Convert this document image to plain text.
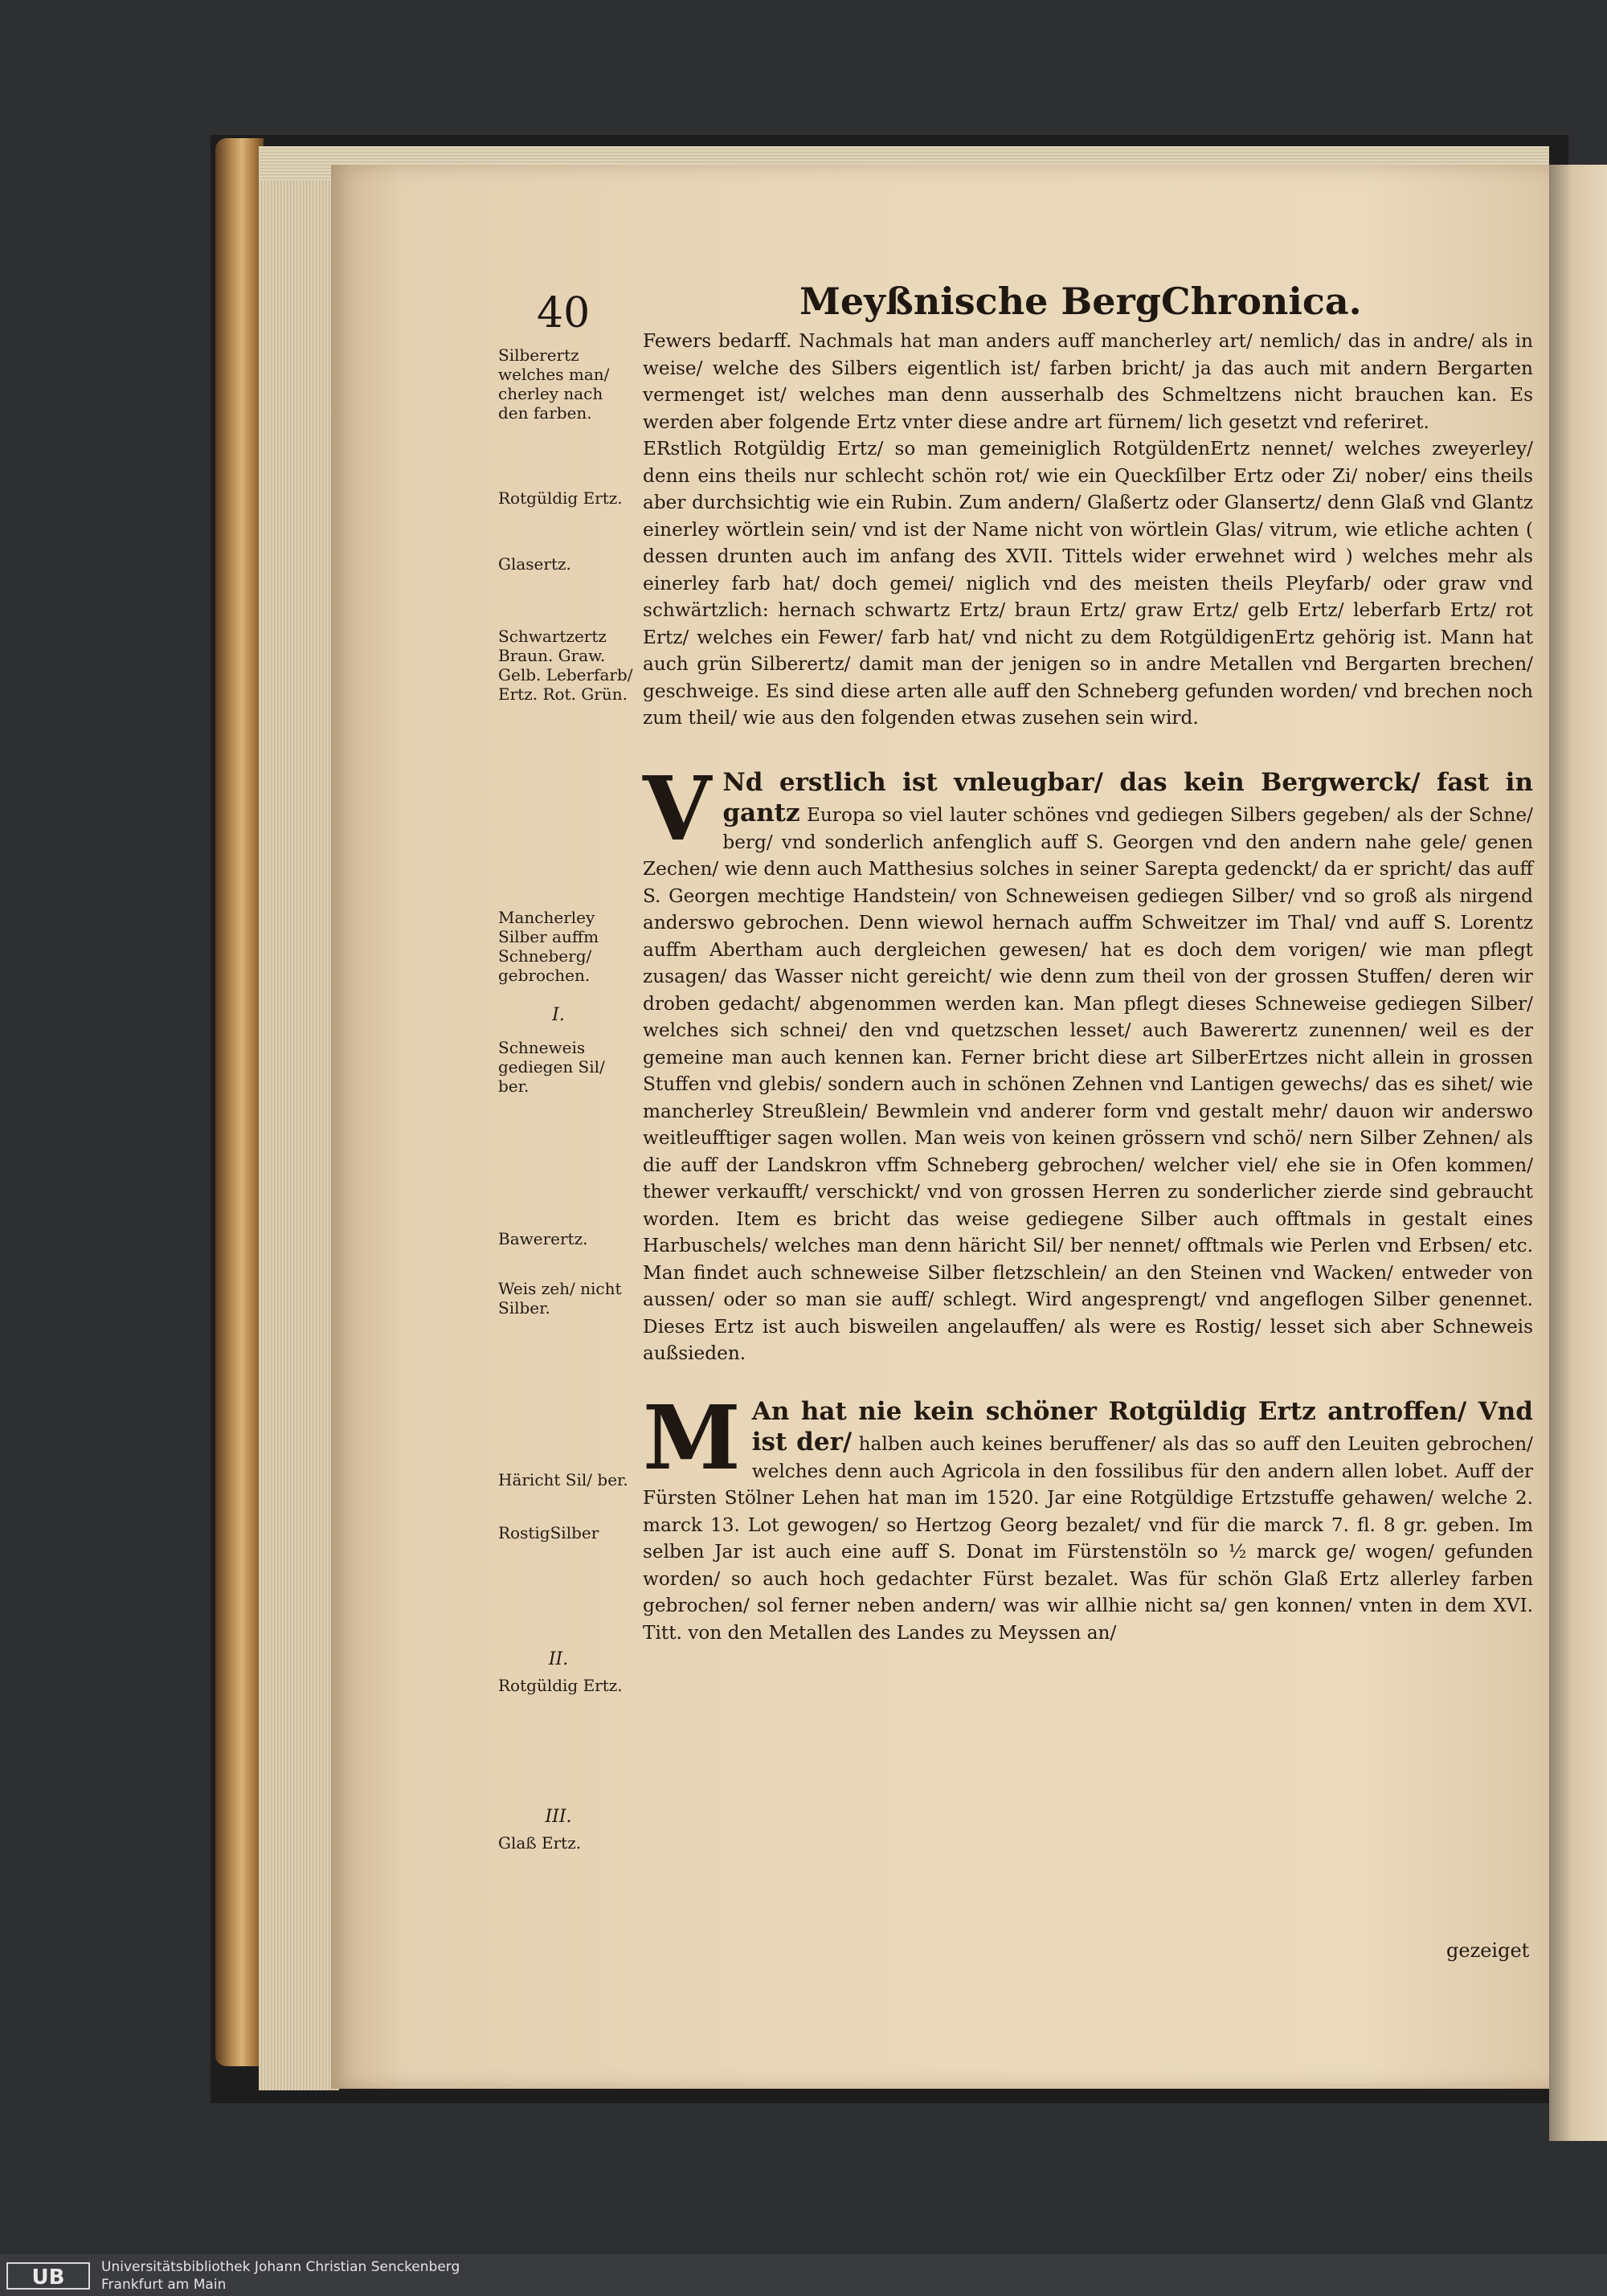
40	Meyßnische BergChronica.
Silberertz welches man/ cherley nach den farben.
Rotgüldig Ertz.
Glasertz.
Schwartzertz Braun. Graw. Gelb. Leberfarb/ Ertz. Rot. Grün.
Mancherley Silber auffm Schneberg/ gebrochen.
I.
Schneweis gediegen Sil/ ber.
Bawerertz.
Weis zeh/ nicht Silber.
Häricht Sil/ ber.
RostigSilber
II.
Rotgüldig Ertz.
III.
Glaß Ertz.

Fewers bedarff. Nachmals hat man anders auff mancherley art/ nemlich/ das in andre/ als in weise/ welche des Silbers eigentlich ist/ farben bricht/ ja das auch mit andern Bergarten vermenget ist/ welches man denn ausserhalb des Schmeltzens nicht brauchen kan. Es werden aber folgende Ertz vnter diese andre art fürnem/ lich gesetzt vnd referiret.

ERstlich Rotgüldig Ertz/ so man gemeiniglich RotgüldenErtz nennet/ welches zweyerley/ denn eins theils nur schlecht schön rot/ wie ein Queckſilber Ertz oder Zi/ nober/ eins theils aber durchsichtig wie ein Rubin. Zum andern/ Glaßertz oder Glansertz/ denn Glaß vnd Glantz einerley wörtlein sein/ vnd ist der Name nicht von wörtlein Glas/ vitrum, wie etliche achten ( dessen drunten auch im anfang des XVII. Tittels wider erwehnet wird ) welches mehr als einerley farb hat/ doch gemei/ niglich vnd des meisten theils Pleyfarb/ oder graw vnd schwärtzlich: hernach schwartz Ertz/ braun Ertz/ graw Ertz/ gelb Ertz/ leberfarb Ertz/ rot Ertz/ welches ein Fewer/ farb hat/ vnd nicht zu dem RotgüldigenErtz gehörig ist. Mann hat auch grün Silberertz/ damit man der jenigen so in andre Metallen vnd Bergarten brechen/ geschweige. Es sind diese arten alle auff den Schneberg gefunden worden/ vnd brechen noch zum theil/ wie aus den folgenden etwas zusehen sein wird.

V Nd erstlich ist vnleugbar/ das kein Bergwerck/ fast in gantz Europa so viel lauter schönes vnd gediegen Silbers gegeben/ als der Schne/ berg/ vnd sonderlich anfenglich auff S. Georgen vnd den andern nahe gele/ genen Zechen/ wie denn auch Matthesius solches in seiner Sarepta gedenckt/ da er spricht/ das auff S. Georgen mechtige Handstein/ von Schneweisen gediegen Silber/ vnd so groß als nirgend anderswo gebrochen. Denn wiewol hernach auffm Schweitzer im Thal/ vnd auff S. Lorentz auffm Abertham auch dergleichen gewesen/ hat es doch dem vorigen/ wie man pflegt zusagen/ das Wasser nicht gereicht/ wie denn zum theil von der grossen Stuffen/ deren wir droben gedacht/ abgenommen werden kan. Man pflegt dieses Schneweise gediegen Silber/ welches sich schnei/ den vnd quetzschen lesset/ auch Bawerertz zunennen/ weil es der gemeine man auch kennen kan. Ferner bricht diese art SilberErtzes nicht allein in grossen Stuffen vnd glebis/ sondern auch in schönen Zehnen vnd Lantigen gewechs/ das es sihet/ wie mancherley Streußlein/ Bewmlein vnd anderer form vnd gestalt mehr/ dauon wir anderswo weitleufftiger sagen wollen. Man weis von keinen grössern vnd schö/ nern Silber Zehnen/ als die auff der Landskron vffm Schneberg gebrochen/ welcher viel/ ehe sie in Ofen kommen/ thewer verkaufft/ verschickt/ vnd von grossen Herren zu sonderlicher zierde sind gebraucht worden. Item es bricht das weise gediegene Silber auch offtmals in gestalt eines Harbuschels/ welches man denn häricht Sil/ ber nennet/ offtmals wie Perlen vnd Erbsen/ etc. Man findet auch schneweise Silber fletzschlein/ an den Steinen vnd Wacken/ entweder von aussen/ oder so man sie auff/ schlegt. Wird angesprengt/ vnd angeflogen Silber genennet. Dieses Ertz ist auch bisweilen angelauffen/ als were es Rostig/ lesset sich aber Schneweis außsieden.

M An hat nie kein schöner Rotgüldig Ertz antroffen/ Vnd ist der/ halben auch keines beruffener/ als das so auff den Leuiten gebrochen/ welches denn auch Agricola in den fossilibus für den andern allen lobet. Auff der Fürsten Stölner Lehen hat man im 1520. Jar eine Rotgüldige Ertzstuffe gehawen/ welche 2. marck 13. Lot gewogen/ so Hertzog Georg bezalet/ vnd für die marck 7. fl. 8 gr. geben. Im selben Jar ist auch eine auff S. Donat im Fürstenstöln so ½ marck ge/ wogen/ gefunden worden/ so auch hoch gedachter Fürst bezalet. Was für schön Glaß Ertz allerley farben gebrochen/ sol ferner neben andern/ was wir allhie nicht sa/ gen konnen/ vnten in dem XVI. Titt. von den Metallen des Landes zu Meyssen an/

gezeiget
UB	Universitätsbibliothek Johann Christian Senckenberg
Frankfurt am Main
